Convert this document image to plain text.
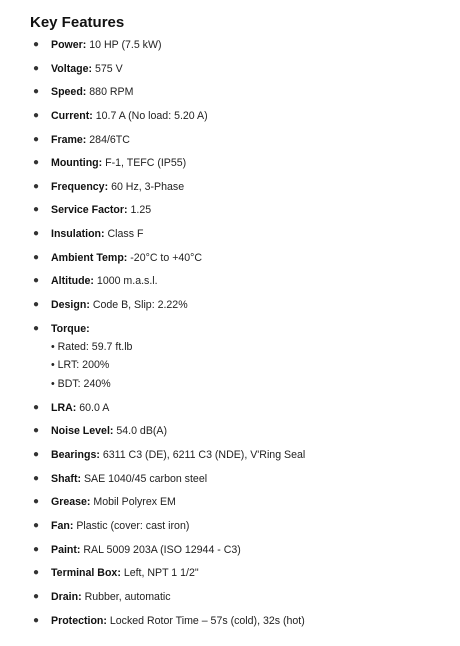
Key Features
● Power: 10 HP (7.5 kW)
● Voltage: 575 V
● Speed: 880 RPM
● Current: 10.7 A (No load: 5.20 A)
● Frame: 284/6TC
● Mounting: F-1, TEFC (IP55)
● Frequency: 60 Hz, 3-Phase
● Service Factor: 1.25
● Insulation: Class F
● Ambient Temp: -20°C to +40°C
● Altitude: 1000 m.a.s.l.
● Design: Code B, Slip: 2.22%
● Torque:
• Rated: 59.7 ft.lb
• LRT: 200%
• BDT: 240%
● LRA: 60.0 A
● Noise Level: 54.0 dB(A)
● Bearings: 6311 C3 (DE), 6211 C3 (NDE), V'Ring Seal
● Shaft: SAE 1040/45 carbon steel
● Grease: Mobil Polyrex EM
● Fan: Plastic (cover: cast iron)
● Paint: RAL 5009 203A (ISO 12944 - C3)
● Terminal Box: Left, NPT 1 1/2"
● Drain: Rubber, automatic
● Protection: Locked Rotor Time – 57s (cold), 32s (hot)
